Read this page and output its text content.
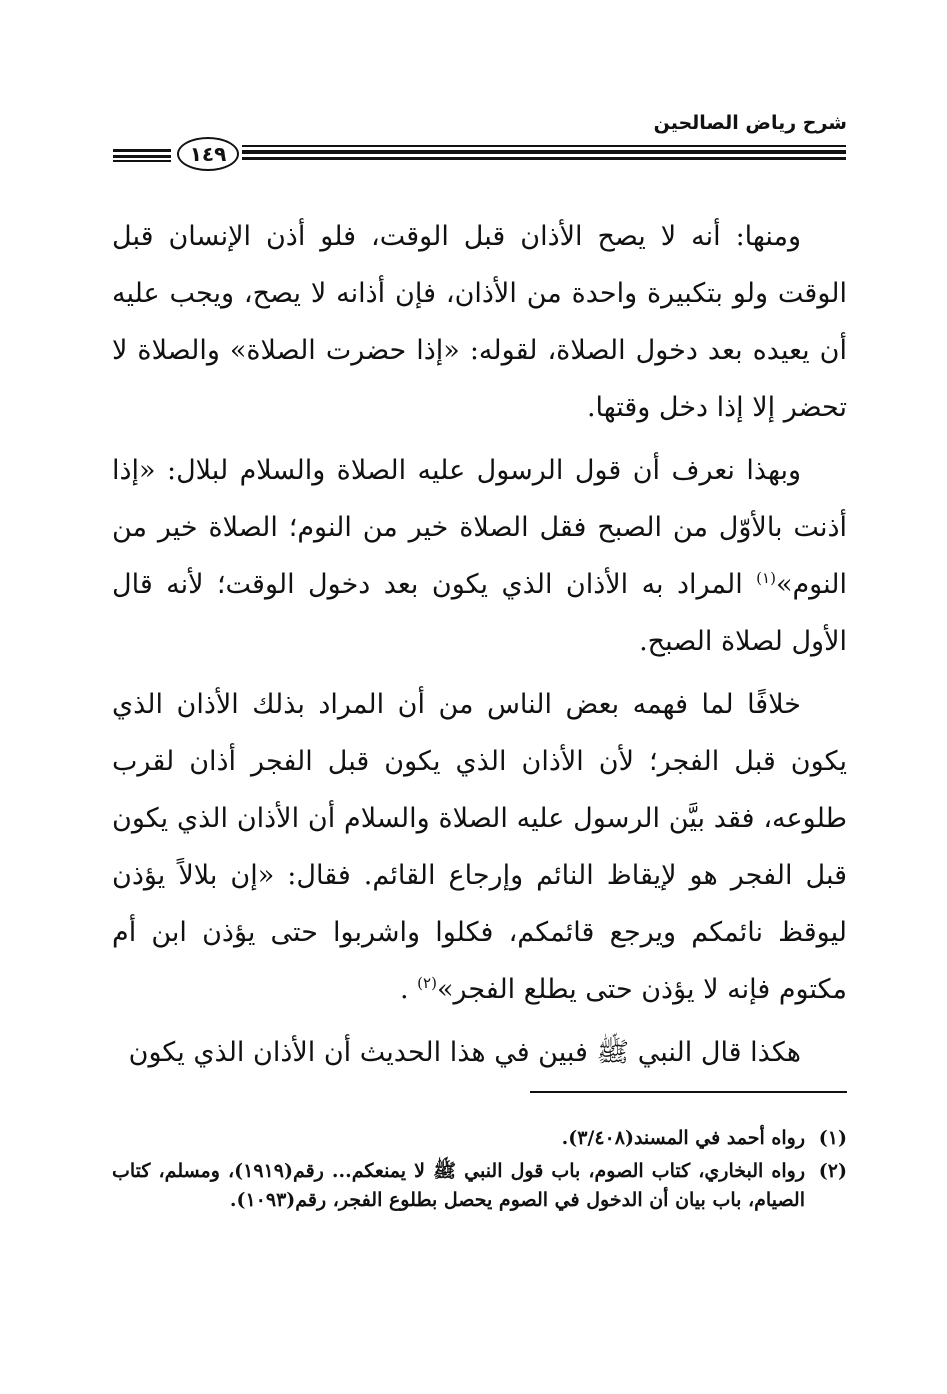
شرح رياض الصالحين
١٤٩

ومنها: أنه لا يصح الأذان قبل الوقت، فلو أذن الإنسان قبل الوقت ولو بتكبيرة واحدة من الأذان، فإن أذانه لا يصح، ويجب عليه أن يعيده بعد دخول الصلاة، لقوله: «إذا حضرت الصلاة» والصلاة لا تحضر إلا إذا دخل وقتها.

وبهذا نعرف أن قول الرسول عليه الصلاة والسلام لبلال: «إذا أذنت بالأوّل من الصبح فقل الصلاة خير من النوم؛ الصلاة خير من النوم»$^{(١)}$ المراد به الأذان الذي يكون بعد دخول الوقت؛ لأنه قال الأول لصلاة الصبح.

خلافًا لما فهمه بعض الناس من أن المراد بذلك الأذان الذي يكون قبل الفجر؛ لأن الأذان الذي يكون قبل الفجر أذان لقرب طلوعه، فقد بيَّن الرسول عليه الصلاة والسلام أن الأذان الذي يكون قبل الفجر هو لإيقاظ النائم وإرجاع القائم. فقال: «إن بلالاً يؤذن ليوقظ نائمكم ويرجع قائمكم، فكلوا واشربوا حتى يؤذن ابن أم مكتوم فإنه لا يؤذن حتى يطلع الفجر»$^{(٢)}$ .

هكذا قال النبي ﷺ فبين في هذا الحديث أن الأذان الذي يكون

(١)
رواه أحمد في المسند(٣/٤٠٨).
(٢)
رواه البخاري، كتاب الصوم، باب قول النبي ﷺ لا يمنعكم... رقم(١٩١٩)، ومسلم، كتاب الصيام، باب بيان أن الدخول في الصوم يحصل بطلوع الفجر، رقم(١٠٩٣).
